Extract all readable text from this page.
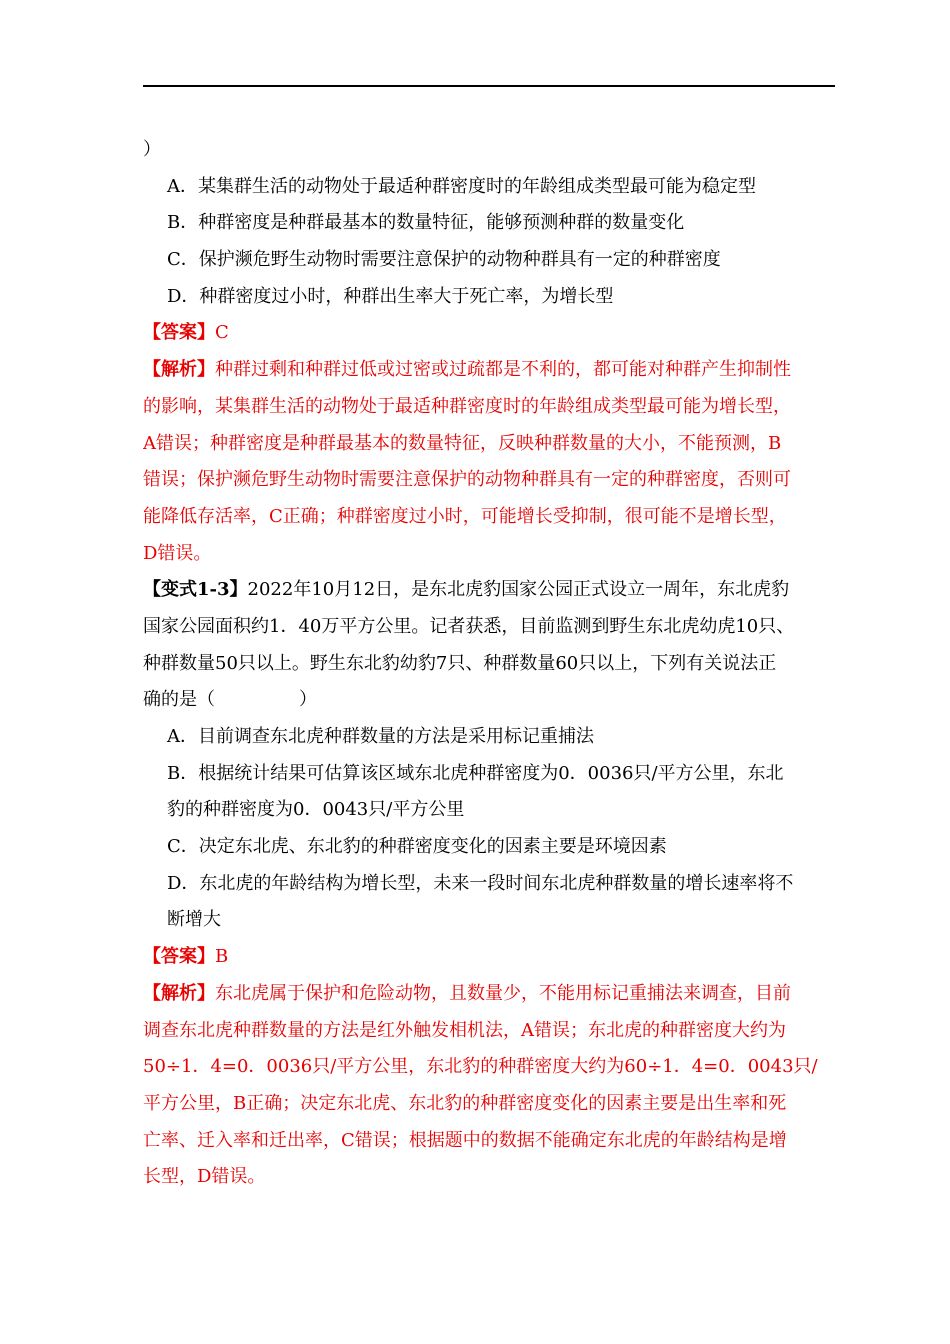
）
A．某集群生活的动物处于最适种群密度时的年龄组成类型最可能为稳定型
B．种群密度是种群最基本的数量特征，能够预测种群的数量变化
C．保护濒危野生动物时需要注意保护的动物种群具有一定的种群密度
D．种群密度过小时，种群出生率大于死亡率，为增长型
【答案】C
【解析】种群过剩和种群过低或过密或过疏都是不利的，都可能对种群产生抑制性
的影响，某集群生活的动物处于最适种群密度时的年龄组成类型最可能为增长型，
A错误；种群密度是种群最基本的数量特征，反映种群数量的大小，不能预测，B
错误；保护濒危野生动物时需要注意保护的动物种群具有一定的种群密度，否则可
能降低存活率，C正确；种群密度过小时，可能增长受抑制，很可能不是增长型，
D错误。
【变式1-3】2022年10月12日，是东北虎豹国家公园正式设立一周年，东北虎豹
国家公园面积约1．40万平方公里。记者获悉，目前监测到野生东北虎幼虎10只、
种群数量50只以上。野生东北豹幼豹7只、种群数量60只以上，下列有关说法正
确的是（	）
A．目前调查东北虎种群数量的方法是采用标记重捕法
B．根据统计结果可估算该区域东北虎种群密度为0．0036只/平方公里，东北
豹的种群密度为0．0043只/平方公里
C．决定东北虎、东北豹的种群密度变化的因素主要是环境因素
D．东北虎的年龄结构为增长型，未来一段时间东北虎种群数量的增长速率将不
断增大
【答案】B
【解析】东北虎属于保护和危险动物，且数量少，不能用标记重捕法来调查，目前
调查东北虎种群数量的方法是红外触发相机法，A错误；东北虎的种群密度大约为
50÷1．4=0．0036只/平方公里，东北豹的种群密度大约为60÷1．4=0．0043只/
平方公里，B正确；决定东北虎、东北豹的种群密度变化的因素主要是出生率和死
亡率、迁入率和迁出率，C错误；根据题中的数据不能确定东北虎的年龄结构是增
长型，D错误。
